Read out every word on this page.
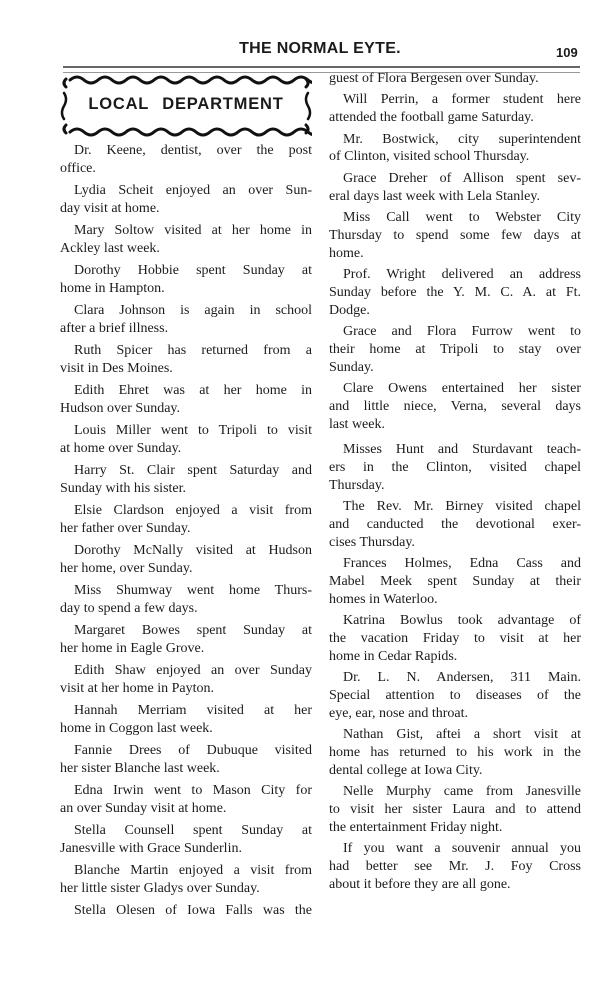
THE NORMAL EYTE.	109
LOCAL DEPARTMENT
Dr. Keene, dentist, over the post
office.
Lydia Scheit enjoyed an over Sun-
day visit at home.
Mary Soltow visited at her home in
Ackley last week.
Dorothy Hobbie spent Sunday at
home in Hampton.
Clara Johnson is again in school
after a brief illness.
Ruth Spicer has returned from a
visit in Des Moines.
Edith Ehret was at her home in
Hudson over Sunday.
Louis Miller went to Tripoli to visit
at home over Sunday.
Harry St. Clair spent Saturday and
Sunday with his sister.
Elsie Clardson enjoyed a visit from
her father over Sunday.
Dorothy McNally visited at Hudson
her home, over Sunday.
Miss Shumway went home Thurs-
day to spend a few days.
Margaret Bowes spent Sunday at
her home in Eagle Grove.
Edith Shaw enjoyed an over Sunday
visit at her home in Payton.
Hannah Merriam visited at her
home in Coggon last week.
Fannie Drees of Dubuque visited
her sister Blanche last week.
Edna Irwin went to Mason City for
an over Sunday visit at home.
Stella Counsell spent Sunday at
Janesville with Grace Sunderlin.
Blanche Martin enjoyed a visit from
her little sister Gladys over Sunday.
Stella Olesen of Iowa Falls was the
guest of Flora Bergesen over Sunday.
Will Perrin, a former student here
attended the football game Saturday.
Mr. Bostwick, city superintendent
of Clinton, visited school Thursday.
Grace Dreher of Allison spent sev-
eral days last week with Lela Stanley.
Miss Call went to Webster City
Thursday to spend some few days at
home.
Prof. Wright delivered an address
Sunday before the Y. M. C. A. at Ft.
Dodge.
Grace and Flora Furrow went to
their home at Tripoli to stay over
Sunday.
Clare Owens entertained her sister
and little niece, Verna, several days
last week.
Misses Hunt and Sturdavant teach-
ers in the Clinton, visited chapel
Thursday.
The Rev. Mr. Birney visited chapel
and canducted the devotional exer-
cises Thursday.
Frances Holmes, Edna Cass and
Mabel Meek spent Sunday at their
homes in Waterloo.
Katrina Bowlus took advantage of
the vacation Friday to visit at her
home in Cedar Rapids.
Dr. L. N. Andersen, 311 Main.
Special attention to diseases of the
eye, ear, nose and throat.
Nathan Gist, aftei a short visit at
home has returned to his work in the
dental college at Iowa City.
Nelle Murphy came from Janesville
to visit her sister Laura and to attend
the entertainment Friday night.
If you want a souvenir annual you
had better see Mr. J. Foy Cross
about it before they are all gone.
